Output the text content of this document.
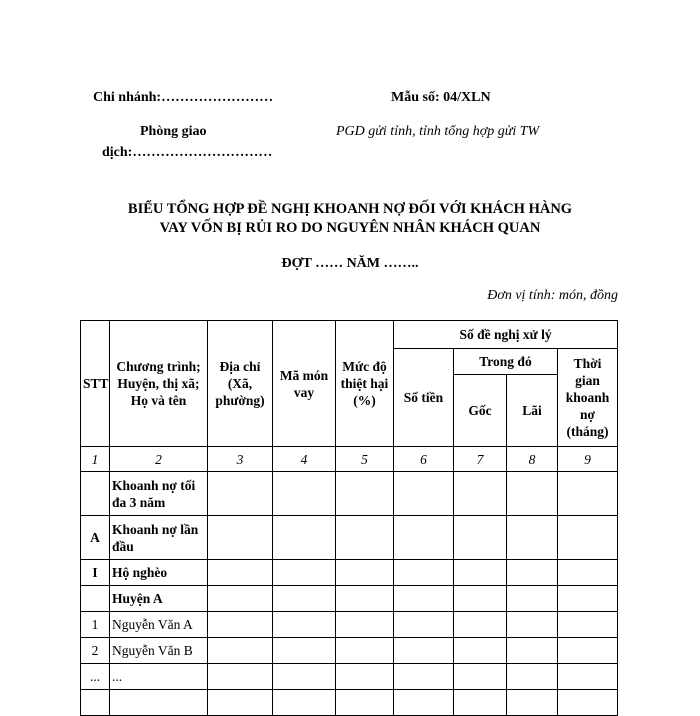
Chi nhánh:……………………	Mẫu số: 04/XLN
Phòng giao
dịch:…………………………
PGD gửi tỉnh, tỉnh tổng hợp gửi TW
BIỂU TỔNG HỢP ĐỀ NGHỊ KHOANH NỢ ĐỐI VỚI KHÁCH HÀNG
VAY VỐN BỊ RỦI RO DO NGUYÊN NHÂN KHÁCH QUAN
ĐỢT …… NĂM ……..
Đơn vị tính: món, đồng
STT	Chương trình; Huyện, thị xã; Họ và tên	Địa chỉ (Xã, phường)	Mã món vay	Mức độ thiệt hại (%)	Số đề nghị xử lý			
					Số tiền	Trong đó		Thời gian khoanh nợ (tháng)
						Gốc	Lãi	
1	2	3	4	5	6	7	8	9
	Khoanh nợ tối đa 3 năm							
A	Khoanh nợ lần đầu							
I	Hộ nghèo							
	Huyện A							
1	Nguyễn Văn A							
2	Nguyễn Văn B							
...	...							
